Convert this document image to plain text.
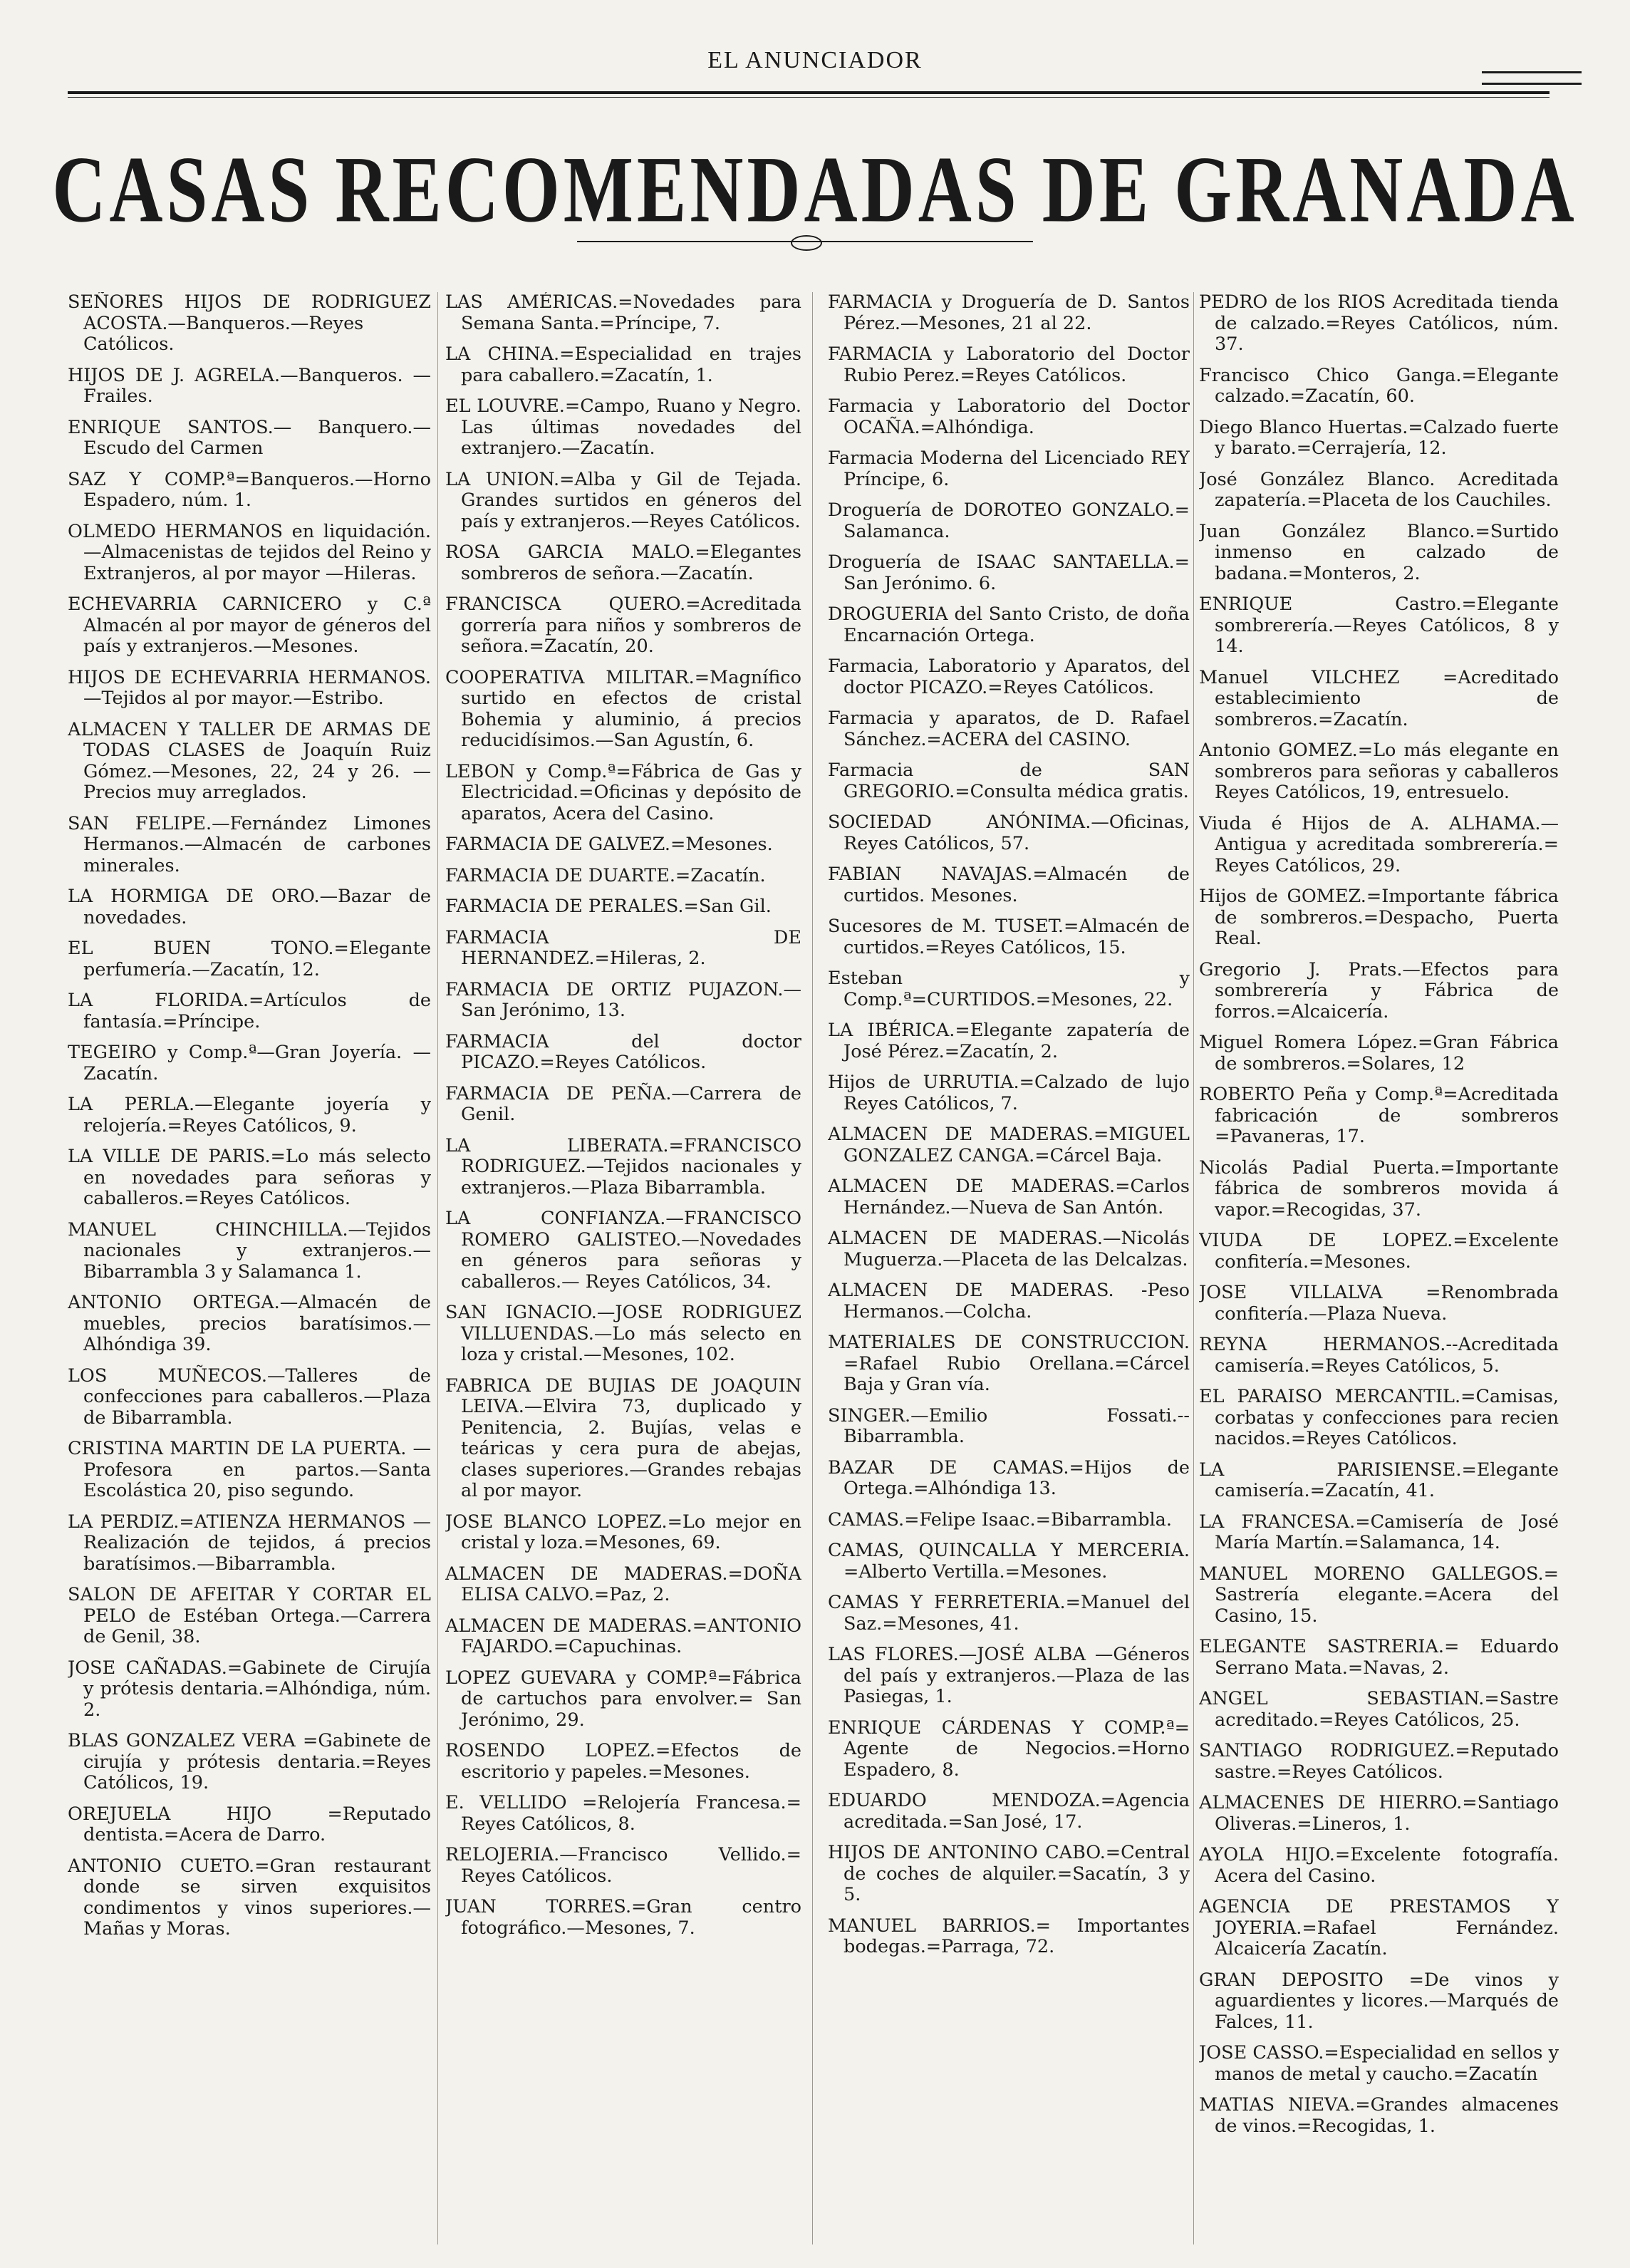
EL ANUNCIADOR
CASAS RECOMENDADAS DE GRANADA

SEÑORES HIJOS DE RODRIGUEZ ACOSTA.—Banqueros.—Reyes Católicos.

HIJOS DE J. AGRELA.—Banqueros. —Frailes.

ENRIQUE SANTOS.— Banquero.— Escudo del Carmen

SAZ Y COMP.ª=Banqueros.—Horno Espadero, núm. 1.

OLMEDO HERMANOS en liquidación.—Almacenistas de tejidos del Reino y Extranjeros, al por mayor —Hileras.

ECHEVARRIA CARNICERO y C.ª Almacén al por mayor de géneros del país y extranjeros.—Mesones.

HIJOS DE ECHEVARRIA HERMANOS.—Tejidos al por mayor.—Estribo.

ALMACEN Y TALLER DE ARMAS DE TODAS CLASES de Joaquín Ruiz Gómez.—Mesones, 22, 24 y 26. —Precios muy arreglados.

SAN FELIPE.—Fernández Limones Hermanos.—Almacén de carbones minerales.

LA HORMIGA DE ORO.—Bazar de novedades.

EL BUEN TONO.=Elegante perfumería.—Zacatín, 12.

LA FLORIDA.=Artículos de fantasía.=Príncipe.

TEGEIRO y Comp.ª—Gran Joyería. —Zacatín.

LA PERLA.—Elegante joyería y relojería.=Reyes Católicos, 9.

LA VILLE DE PARIS.=Lo más selecto en novedades para señoras y caballeros.=Reyes Católicos.

MANUEL CHINCHILLA.—Tejidos nacionales y extranjeros.—Bibarrambla 3 y Salamanca 1.

ANTONIO ORTEGA.—Almacén de muebles, precios baratísimos.—Alhóndiga 39.

LOS MUÑECOS.—Talleres de confecciones para caballeros.—Plaza de Bibarrambla.

CRISTINA MARTIN DE LA PUERTA. —Profesora en partos.—Santa Escolástica 20, piso segundo.

LA PERDIZ.=ATIENZA HERMANOS —Realización de tejidos, á precios baratísimos.—Bibarrambla.

SALON DE AFEITAR Y CORTAR EL PELO de Estéban Ortega.—Carrera de Genil, 38.

JOSE CAÑADAS.=Gabinete de Cirujía y prótesis dentaria.=Alhóndiga, núm. 2.

BLAS GONZALEZ VERA =Gabinete de cirujía y prótesis dentaria.=Reyes Católicos, 19.

OREJUELA HIJO =Reputado dentista.=Acera de Darro.

ANTONIO CUETO.=Gran restaurant donde se sirven exquisitos condimentos y vinos superiores.—Mañas y Moras.

LAS AMÉRICAS.=Novedades para Semana Santa.=Príncipe, 7.

LA CHINA.=Especialidad en trajes para caballero.=Zacatín, 1.

EL LOUVRE.=Campo, Ruano y Negro. Las últimas novedades del extranjero.—Zacatín.

LA UNION.=Alba y Gil de Tejada. Grandes surtidos en géneros del país y extranjeros.—Reyes Católicos.

ROSA GARCIA MALO.=Elegantes sombreros de señora.—Zacatín.

FRANCISCA QUERO.=Acreditada gorrería para niños y sombreros de señora.=Zacatín, 20.

COOPERATIVA MILITAR.=Magnífico surtido en efectos de cristal Bohemia y aluminio, á precios reducidísimos.—San Agustín, 6.

LEBON y Comp.ª=Fábrica de Gas y Electricidad.=Oficinas y depósito de aparatos, Acera del Casino.

FARMACIA DE GALVEZ.=Mesones.

FARMACIA DE DUARTE.=Zacatín.

FARMACIA DE PERALES.=San Gil.

FARMACIA DE HERNANDEZ.=Hileras, 2.

FARMACIA DE ORTIZ PUJAZON.— San Jerónimo, 13.

FARMACIA del doctor PICAZO.=Reyes Católicos.

FARMACIA DE PEÑA.—Carrera de Genil.

LA LIBERATA.=FRANCISCO RODRIGUEZ.—Tejidos nacionales y extranjeros.—Plaza Bibarrambla.

LA CONFIANZA.—FRANCISCO ROMERO GALISTEO.—Novedades en géneros para señoras y caballeros.— Reyes Católicos, 34.

SAN IGNACIO.—JOSE RODRIGUEZ VILLUENDAS.—Lo más selecto en loza y cristal.—Mesones, 102.

FABRICA DE BUJIAS DE JOAQUIN LEIVA.—Elvira 73, duplicado y Penitencia, 2. Bujías, velas e teáricas y cera pura de abejas, clases superiores.—Grandes rebajas al por mayor.

JOSE BLANCO LOPEZ.=Lo mejor en cristal y loza.=Mesones, 69.

ALMACEN DE MADERAS.=DOÑA ELISA CALVO.=Paz, 2.

ALMACEN DE MADERAS.=ANTONIO FAJARDO.=Capuchinas.

LOPEZ GUEVARA y COMP.ª=Fábrica de cartuchos para envolver.= San Jerónimo, 29.

ROSENDO LOPEZ.=Efectos de escritorio y papeles.=Mesones.

E. VELLIDO =Relojería Francesa.= Reyes Católicos, 8.

RELOJERIA.—Francisco Vellido.= Reyes Católicos.

JUAN TORRES.=Gran centro fotográfico.—Mesones, 7.

FARMACIA y Droguería de D. Santos Pérez.—Mesones, 21 al 22.

FARMACIA y Laboratorio del Doctor Rubio Perez.=Reyes Católicos.

Farmacia y Laboratorio del Doctor OCAÑA.=Alhóndiga.

Farmacia Moderna del Licenciado REY Príncipe, 6.

Droguería de DOROTEO GONZALO.= Salamanca.

Droguería de ISAAC SANTAELLA.= San Jerónimo. 6.

DROGUERIA del Santo Cristo, de doña Encarnación Ortega.

Farmacia, Laboratorio y Aparatos, del doctor PICAZO.=Reyes Católicos.

Farmacia y aparatos, de D. Rafael Sánchez.=ACERA del CASINO.

Farmacia de SAN GREGORIO.=Consulta médica gratis.

SOCIEDAD ANÓNIMA.—Oficinas, Reyes Católicos, 57.

FABIAN NAVAJAS.=Almacén de curtidos. Mesones.

Sucesores de M. TUSET.=Almacén de curtidos.=Reyes Católicos, 15.

Esteban y Comp.ª=CURTIDOS.=Mesones, 22.

LA IBÉRICA.=Elegante zapatería de José Pérez.=Zacatín, 2.

Hijos de URRUTIA.=Calzado de lujo Reyes Católicos, 7.

ALMACEN DE MADERAS.=MIGUEL GONZALEZ CANGA.=Cárcel Baja.

ALMACEN DE MADERAS.=Carlos Hernández.—Nueva de San Antón.

ALMACEN DE MADERAS.—Nicolás Muguerza.—Placeta de las Delcalzas.

ALMACEN DE MADERAS. -Peso Hermanos.—Colcha.

MATERIALES DE CONSTRUCCION. =Rafael Rubio Orellana.=Cárcel Baja y Gran vía.

SINGER.—Emilio Fossati.--Bibarrambla.

BAZAR DE CAMAS.=Hijos de Ortega.=Alhóndiga 13.

CAMAS.=Felipe Isaac.=Bibarrambla.

CAMAS, QUINCALLA Y MERCERIA. =Alberto Vertilla.=Mesones.

CAMAS Y FERRETERIA.=Manuel del Saz.=Mesones, 41.

LAS FLORES.—JOSÉ ALBA —Géneros del país y extranjeros.—Plaza de las Pasiegas, 1.

ENRIQUE CÁRDENAS Y COMP.ª= Agente de Negocios.=Horno Espadero, 8.

EDUARDO MENDOZA.=Agencia acreditada.=San José, 17.

HIJOS DE ANTONINO CABO.=Central de coches de alquiler.=Sacatín, 3 y 5.

MANUEL BARRIOS.= Importantes bodegas.=Parraga, 72.

PEDRO de los RIOS Acreditada tienda de calzado.=Reyes Católicos, núm. 37.

Francisco Chico Ganga.=Elegante calzado.=Zacatín, 60.

Diego Blanco Huertas.=Calzado fuerte y barato.=Cerrajería, 12.

José González Blanco. Acreditada zapatería.=Placeta de los Cauchiles.

Juan González Blanco.=Surtido inmenso en calzado de badana.=Monteros, 2.

ENRIQUE Castro.=Elegante sombrerería.—Reyes Católicos, 8 y 14.

Manuel VILCHEZ =Acreditado establecimiento de sombreros.=Zacatín.

Antonio GOMEZ.=Lo más elegante en sombreros para señoras y caballeros Reyes Católicos, 19, entresuelo.

Viuda é Hijos de A. ALHAMA.—Antigua y acreditada sombrerería.= Reyes Católicos, 29.

Hijos de GOMEZ.=Importante fábrica de sombreros.=Despacho, Puerta Real.

Gregorio J. Prats.—Efectos para sombrerería y Fábrica de forros.=Alcaicería.

Miguel Romera López.=Gran Fábrica de sombreros.=Solares, 12

ROBERTO Peña y Comp.ª=Acreditada fabricación de sombreros =Pavaneras, 17.

Nicolás Padial Puerta.=Importante fábrica de sombreros movida á vapor.=Recogidas, 37.

VIUDA DE LOPEZ.=Excelente confitería.=Mesones.

JOSE VILLALVA =Renombrada confitería.—Plaza Nueva.

REYNA HERMANOS.--Acreditada camisería.=Reyes Católicos, 5.

EL PARAISO MERCANTIL.=Camisas, corbatas y confecciones para recien nacidos.=Reyes Católicos.

LA PARISIENSE.=Elegante camisería.=Zacatín, 41.

LA FRANCESA.=Camisería de José María Martín.=Salamanca, 14.

MANUEL MORENO GALLEGOS.= Sastrería elegante.=Acera del Casino, 15.

ELEGANTE SASTRERIA.= Eduardo Serrano Mata.=Navas, 2.

ANGEL SEBASTIAN.=Sastre acreditado.=Reyes Católicos, 25.

SANTIAGO RODRIGUEZ.=Reputado sastre.=Reyes Católicos.

ALMACENES DE HIERRO.=Santiago Oliveras.=Lineros, 1.

AYOLA HIJO.=Excelente fotografía. Acera del Casino.

AGENCIA DE PRESTAMOS Y JOYERIA.=Rafael Fernández. Alcaicería Zacatín.

GRAN DEPOSITO =De vinos y aguardientes y licores.—Marqués de Falces, 11.

JOSE CASSO.=Especialidad en sellos y manos de metal y caucho.=Zacatín

MATIAS NIEVA.=Grandes almacenes de vinos.=Recogidas, 1.
